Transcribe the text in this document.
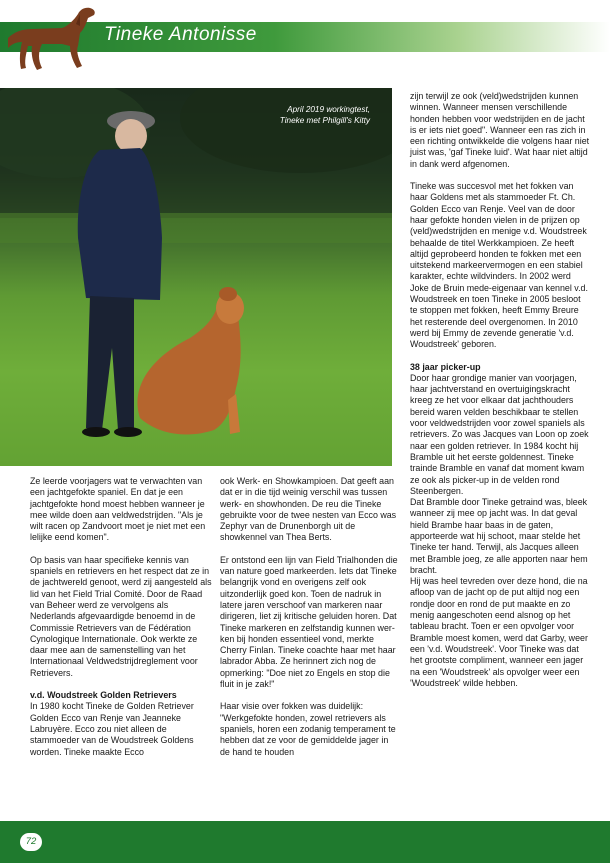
Tineke Antonisse
April 2019 workingtest,
Tineke met Philgill's Kitty

Ze leerde voorjagers wat te verwachten van een jachtgefokte spaniel. En dat je een jachtgefokte hond moest hebben wanneer je mee wilde doen aan veldwedstrijden. "Als je wilt racen op Zandvoort moet je niet met een lelijke eend komen".

Op basis van haar specifieke kennis van spaniels en retrievers en het respect dat ze in de jachtwereld genoot, werd zij aangesteld als lid van het Field Trial Comité. Door de Raad van Beheer werd ze vervolgens als Nederlands afgevaardigde benoemd in de Commissie Retrievers van de Fédération Cynologique Internationale. Ook werkte ze daar mee aan de samenstelling van het Internationaal Veldwedstrijdreglement voor Retrievers.

v.d. Woudstreek Golden Retrievers

In 1980 kocht Tineke de Golden Retriever Golden Ecco van Renje van Jeanneke Labruyère. Ecco zou niet alleen de stammoeder van de Woudstreek Goldens worden. Tineke maakte Ecco

ook Werk- en Showkampioen. Dat geeft aan dat er in die tijd weinig verschil was tussen werk- en showhonden. De reu die Tineke gebruikte voor de twee nesten van Ecco was Zephyr van de Drunenborgh uit de showkennel van Thea Berts.

Er ontstond een lijn van Field Trialhonden die van nature goed markeerden. Iets dat Tineke belangrijk vond en overigens zelf ook uitzonderlijk goed kon. Toen de nadruk in latere jaren verschoof van markeren naar dirigeren, liet zij kritische geluiden horen. Dat Tineke markeren en zelfstandig kunnen werken bij honden essentieel vond, merkte Cherry Finlan. Tineke coachte haar met haar labrador Abba. Ze herinnert zich nog de opmerking: "Doe niet zo Engels en stop die fluit in je zak!"

Haar visie over fokken was duidelijk: "Werkgefokte honden, zowel retrievers als spaniels, horen een zodanig temperament te hebben dat ze voor de gemiddelde jager in de hand te houden

zijn terwijl ze ook (veld)wedstrijden kunnen winnen. Wanneer mensen verschillende honden hebben voor wedstrijden en de jacht is er iets niet goed". Wanneer een ras zich in een richting ontwikkelde die volgens haar niet juist was, 'gaf Tineke luid'. Wat haar niet altijd in dank werd afgenomen.

Tineke was succesvol met het fokken van haar Goldens met als stammoeder Ft. Ch. Golden Ecco van Renje. Veel van de door haar gefokte honden vielen in de prijzen op (veld)wedstrijden en menige v.d. Woudstreek behaalde de titel Werkkampioen. Ze heeft altijd geprobeerd honden te fokken met een uitstekend markeervermogen en een stabiel karakter, echte wildvinders. In 2002 werd Joke de Bruin mede-eigenaar van kennel v.d. Woudstreek en toen Tineke in 2005 besloot te stoppen met fokken, heeft Emmy Breure het resterende deel overgenomen. In 2010 werd bij Emmy de zevende generatie 'v.d. Woudstreek' geboren.

38 jaar picker-up

Door haar grondige manier van voorjagen, haar jachtverstand en overtuigingskracht kreeg ze het voor elkaar dat jachthouders bereid waren velden beschikbaar te stellen voor veldwedstrijden voor zowel spaniels als retrievers. Zo was Jacques van Loon op zoek naar een golden retriever. In 1984 kocht hij Bramble uit het eerste goldennest. Tineke trainde Bramble en vanaf dat moment kwam ze ook als picker-up in de velden rond Steenbergen.

Dat Bramble door Tineke getraind was, bleek wanneer zij mee op jacht was. In dat geval hield Brambe haar baas in de gaten, apporteerde wat hij schoot, maar stelde het Tineke ter hand. Terwijl, als Jacques alleen met Bramble joeg, ze alle apporten naar hem bracht.

Hij was heel tevreden over deze hond, die na afloop van de jacht op de put altijd nog een rondje door en rond de put maakte en zo menig aangeschoten eend alsnog op het tableau bracht. Toen er een opvolger voor Bramble moest komen, werd dat Garby, weer een 'v.d. Woudstreek'. Voor Tineke was dat het grootste compliment, wanneer een jager na een 'Woudstreek' als opvolger weer een 'Woudstreek' wilde hebben.

72
